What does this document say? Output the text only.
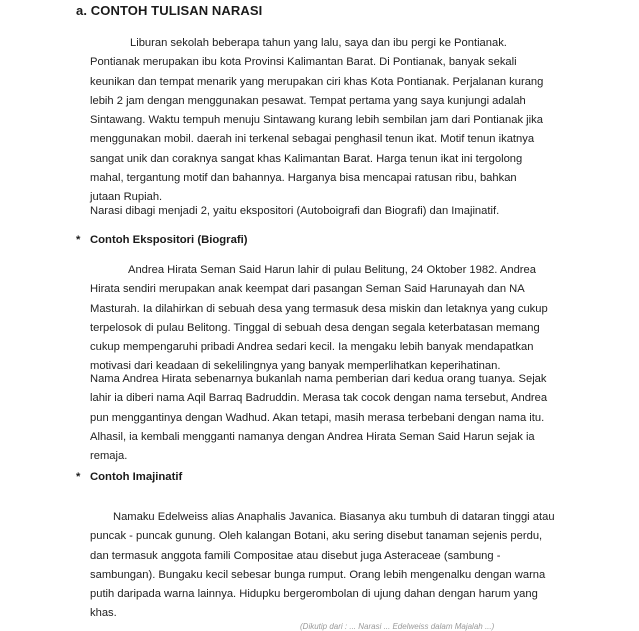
a. CONTOH TULISAN NARASI
Liburan sekolah beberapa tahun yang lalu, saya dan ibu pergi ke Pontianak.
Pontianak merupakan ibu kota Provinsi Kalimantan Barat. Di Pontianak, banyak sekali
keunikan dan tempat menarik yang merupakan ciri khas Kota Pontianak. Perjalanan kurang
lebih 2 jam dengan menggunakan pesawat. Tempat pertama yang saya kunjungi adalah
Sintawang. Waktu tempuh menuju Sintawang kurang lebih sembilan jam dari Pontianak jika
menggunakan mobil. daerah ini terkenal sebagai penghasil tenun ikat. Motif tenun ikatnya
sangat unik dan coraknya sangat khas Kalimantan Barat. Harga tenun ikat ini tergolong
mahal, tergantung motif dan bahannya. Harganya bisa mencapai ratusan ribu, bahkan
jutaan Rupiah.
Narasi dibagi menjadi 2, yaitu ekspositori (Autoboigrafi dan Biografi) dan Imajinatif.
* Contoh Ekspositori (Biografi)
Andrea Hirata Seman Said Harun lahir di pulau Belitung, 24 Oktober 1982. Andrea
Hirata sendiri merupakan anak keempat dari pasangan Seman Said Harunayah dan NA
Masturah. Ia dilahirkan di sebuah desa yang termasuk desa miskin dan letaknya yang cukup
terpelosok di pulau Belitong. Tinggal di sebuah desa dengan segala keterbatasan memang
cukup mempengaruhi pribadi Andrea sedari kecil. Ia mengaku lebih banyak mendapatkan
motivasi dari keadaan di sekelilingnya yang banyak memperlihatkan keperihatinan.
Nama Andrea Hirata sebenarnya bukanlah nama pemberian dari kedua orang tuanya. Sejak
lahir ia diberi nama Aqil Barraq Badruddin. Merasa tak cocok dengan nama tersebut, Andrea
pun menggantinya dengan Wadhud. Akan tetapi, masih merasa terbebani dengan nama itu.
Alhasil, ia kembali mengganti namanya dengan Andrea Hirata Seman Said Harun sejak ia
remaja.
* Contoh Imajinatif
Namaku Edelweiss alias Anaphalis Javanica. Biasanya aku tumbuh di dataran tinggi atau
puncak - puncak gunung. Oleh kalangan Botani, aku sering disebut tanaman sejenis perdu,
dan termasuk anggota famili Compositae atau disebut juga Asteraceae (sambung -
sambungan). Bungaku kecil sebesar bunga rumput. Orang lebih mengenalku dengan warna
putih daripada warna lainnya. Hidupku bergerombolan di ujung dahan dengan harum yang
khas.
(Dikutip dari : ... Narasi ... Edelweiss dalam Majalah ...)
